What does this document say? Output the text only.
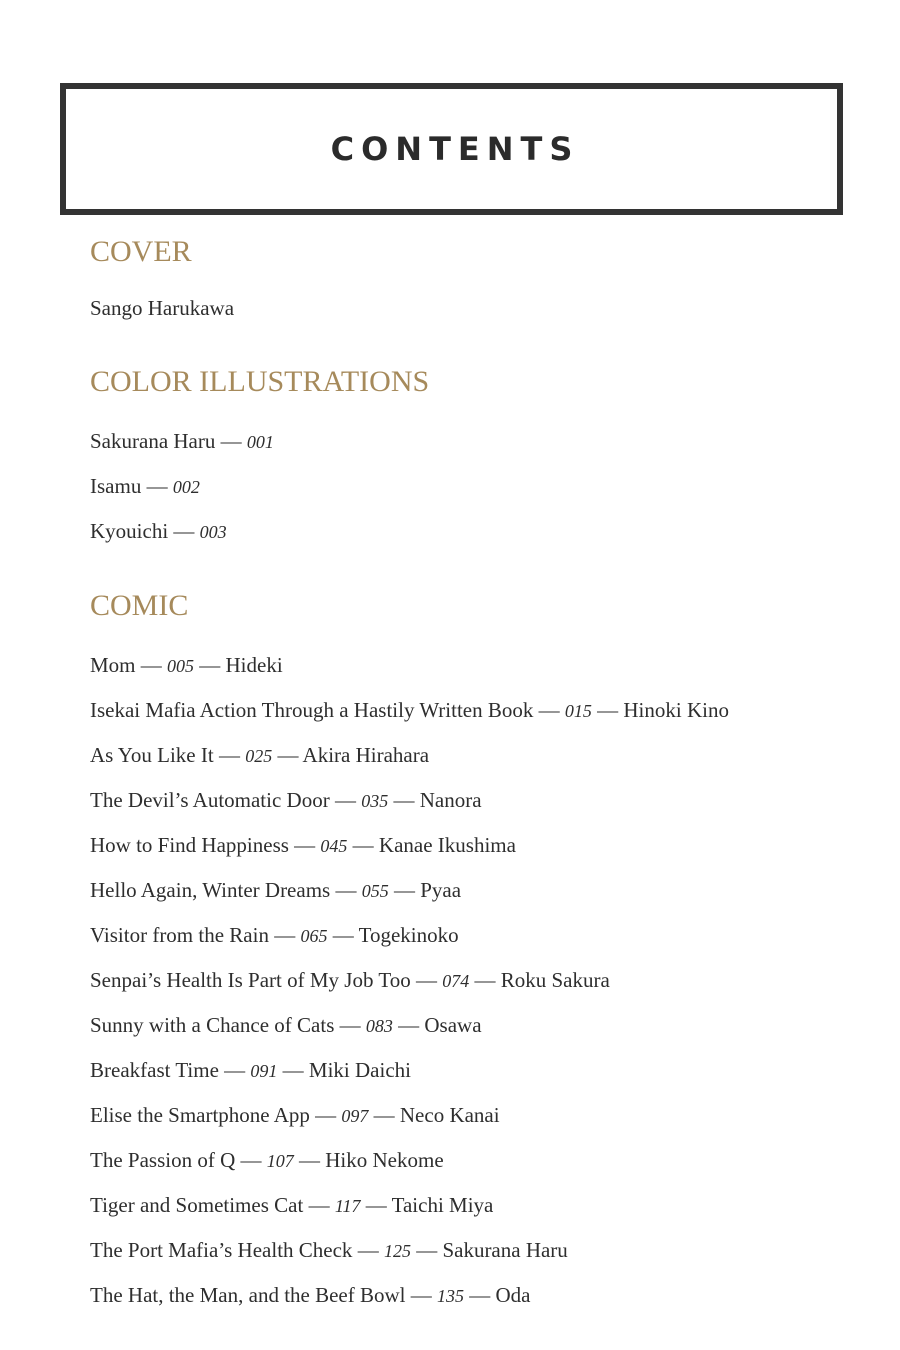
CONTENTS
COVER
Sango Harukawa
COLOR ILLUSTRATIONS
Sakurana Haru — 001
Isamu — 002
Kyouichi — 003
COMIC
Mom — 005 — Hideki
Isekai Mafia Action Through a Hastily Written Book — 015 — Hinoki Kino
As You Like It — 025 — Akira Hirahara
The Devil’s Automatic Door — 035 — Nanora
How to Find Happiness — 045 — Kanae Ikushima
Hello Again, Winter Dreams — 055 — Pyaa
Visitor from the Rain — 065 — Togekinoko
Senpai’s Health Is Part of My Job Too — 074 — Roku Sakura
Sunny with a Chance of Cats — 083 — Osawa
Breakfast Time — 091 — Miki Daichi
Elise the Smartphone App — 097 — Neco Kanai
The Passion of Q — 107 — Hiko Nekome
Tiger and Sometimes Cat — 117 — Taichi Miya
The Port Mafia’s Health Check — 125 — Sakurana Haru
The Hat, the Man, and the Beef Bowl — 135 — Oda
